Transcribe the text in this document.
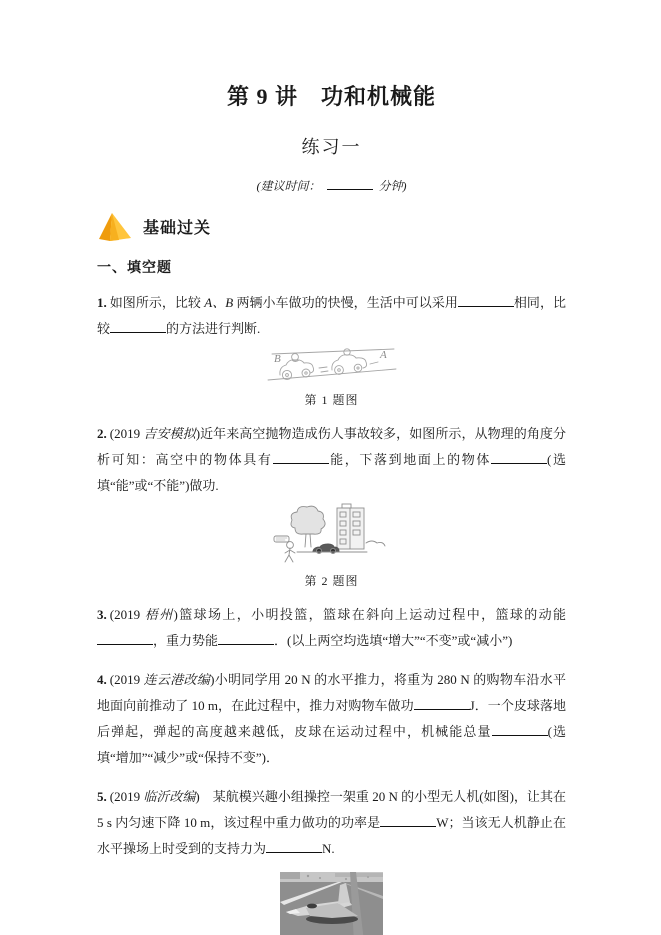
第 9 讲　功和机械能
练习一

(建议时间：	分钟)

基础过关
一、填空题

1. 如图所示，比较 A、B 两辆小车做功的快慢，生活中可以采用	相同，比较	的方法进行判断.

B	A

第 1 题图

2. (2019 吉安模拟)近年来高空抛物造成伤人事故较多，如图所示，从物理的角度分析可知：高空中的物体具有	能，下落到地面上的物体	(选填“能”或“不能”)做功.

第 2 题图

3. (2019 梧州)篮球场上，小明投篮，篮球在斜向上运动过程中，篮球的动能，重力势能	．(以上两空均选填“增大”“不变”或“减小”)

4. (2019 连云港改编)小明同学用 20 N 的水平推力，将重为 280 N 的购物车沿水平地面向前推动了 10 m，在此过程中，推力对购物车做功	J．一个皮球落地后弹起，弹起的高度越来越低，皮球在运动过程中，机械能总量	(选填“增加”“减少”或“保持不变”)．

5. (2019 临沂改编)　某航模兴趣小组操控一架重 20 N 的小型无人机(如图)，让其在 5 s 内匀速下降 10 m，该过程中重力做功的功率是	W；当该无人机静止在水平操场上时受到的支持力为	N.
